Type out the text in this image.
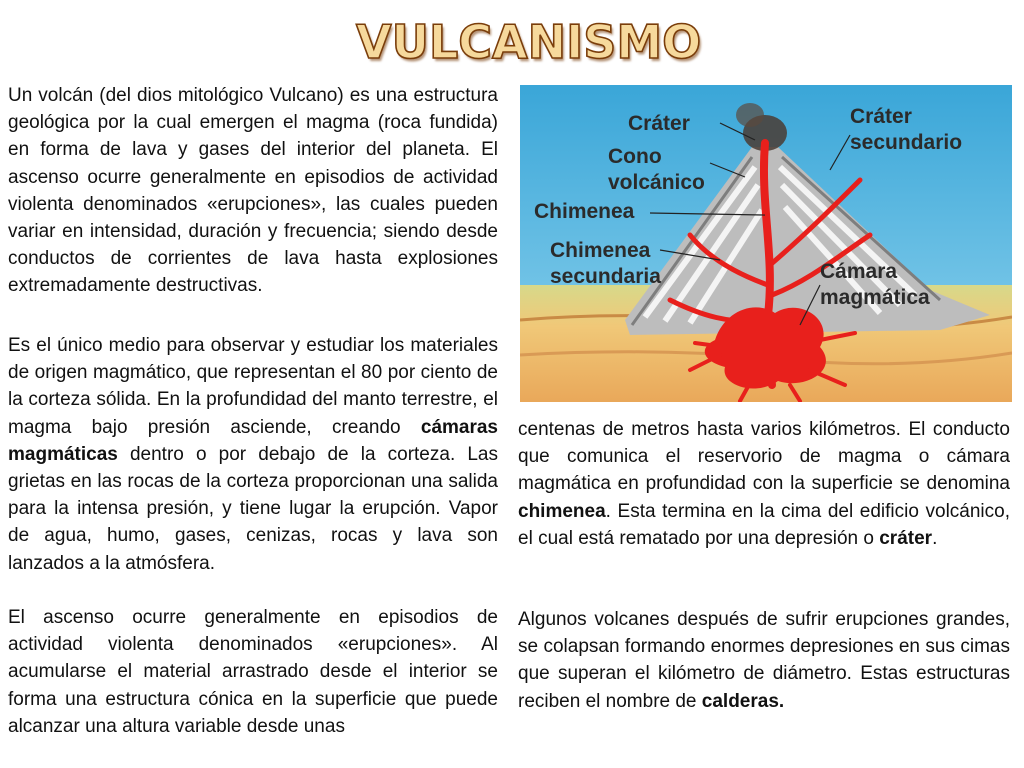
VULCANISMO

Un volcán (del dios mitológico Vulcano) es una estructura geológica por la cual emergen el magma (roca fundida) en forma de lava y gases del interior del planeta. El ascenso ocurre generalmente en episodios de actividad violenta denominados «erupciones», las cuales pueden variar en intensidad, duración y frecuencia; siendo desde conductos de corrientes de lava hasta explosiones extremadamente destructivas.

Es el único medio para observar y estudiar los materiales de origen magmático, que representan el 80 por ciento de la corteza sólida. En la profundidad del manto terrestre, el magma bajo presión asciende, creando cámaras magmáticas dentro o por debajo de la corteza. Las grietas en las rocas de la corteza proporcionan una salida para la intensa presión, y tiene lugar la erupción. Vapor de agua, humo, gases, cenizas, rocas y lava son lanzados a la atmósfera.

El ascenso ocurre generalmente en episodios de actividad violenta denominados «erupciones». Al acumularse el material arrastrado desde el interior se forma una estructura cónica en la superficie que puede alcanzar una altura variable desde unas

centenas de metros hasta varios kilómetros. El conducto que comunica el reservorio de magma o cámara magmática en profundidad con la superficie se denomina chimenea. Esta termina en la cima del edificio volcánico, el cual está rematado por una depresión o cráter.

Algunos volcanes después de sufrir erupciones grandes, se colapsan formando enormes depresiones en sus cimas que superan el kilómetro de diámetro. Estas estructuras reciben el nombre de calderas.

Cráter	Cráter
secundario
Cono
volcánico
Chimenea
Chimenea
secundaria	Cámara
magmática
